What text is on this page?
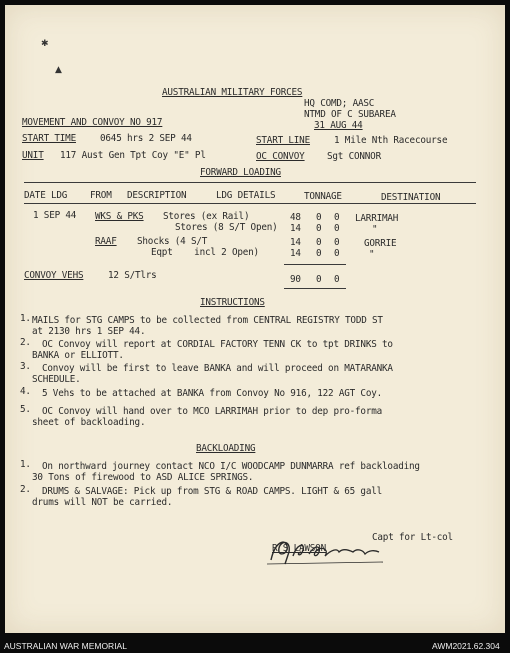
✱
▲
AUSTRALIAN MILITARY FORCES
HQ COMD; AASC
NTMD OF C SUBAREA
31 AUG 44
MOVEMENT AND CONVOY NO 917
START TIME	0645 hrs 2 SEP 44	START LINE	1 Mile Nth Racecourse
UNIT 117 Aust Gen Tpt Coy "E" Pl	OC CONVOY Sgt CONNOR
FORWARD LOADING
DATE LDG FROM DESCRIPTION	LDG DETAILS	TONNAGE	DESTINATION
1 SEP 44 WKS & PKS Stores (ex Rail)	48 0 0 LARRIMAH
Stores (8 S/T Open) 14 0 0	"
RAAF Shocks (4 S/T	14 0 0	GORRIE
Eqpt    incl 2 Open)	14 0 0	"
CONVOY VEHS	12 S/Tlrs	90 0 0
INSTRUCTIONS
1. MAILS for STG CAMPS to be collected from CENTRAL REGISTRY TODD ST
at 2130 hrs 1 SEP 44.
2. OC Convoy will report at CORDIAL FACTORY TENN CK to tpt DRINKS to
BANKA or ELLIOTT.
3. Convoy will be first to leave BANKA and will proceed on MATARANKA
SCHEDULE.
4. 5 Vehs to be attached at BANKA from Convoy No 916, 122 AGT Coy.
5. OC Convoy will hand over to MCO LARRIMAH prior to dep pro-forma
sheet of backloading.
BACKLOADING
1. On northward journey contact NCO I/C WOODCAMP DUNMARRA ref backloading
30 Tons of firewood to ASD ALICE SPRINGS.
2. DRUMS & SALVAGE: Pick up from STG & ROAD CAMPS. LIGHT & 65 gall
drums will NOT be carried.
Capt for Lt-col
R S LAWSON
AUSTRALIAN WAR MEMORIAL	AWM2021.62.304
